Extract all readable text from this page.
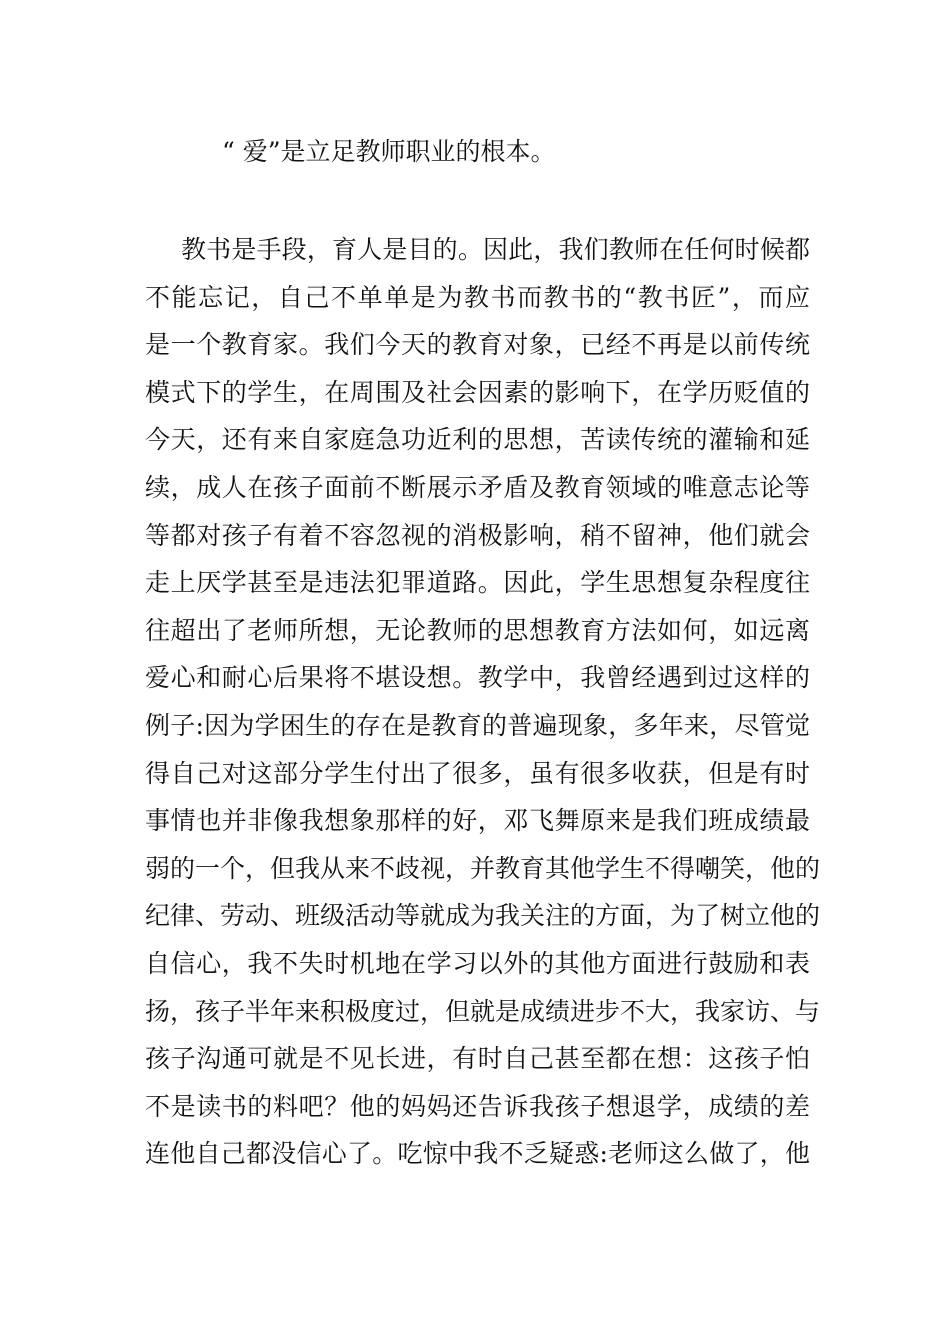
“ 爱”是立足教师职业的根本。
教书是手段，育人是目的。因此，我们教师在任何时候都
不能忘记，自己不单单是为教书而教书的“教书匠”，而应
是一个教育家。我们今天的教育对象，已经不再是以前传统
模式下的学生，在周围及社会因素的影响下，在学历贬值的
今天，还有来自家庭急功近利的思想，苦读传统的灌输和延
续，成人在孩子面前不断展示矛盾及教育领域的唯意志论等
等都对孩子有着不容忽视的消极影响，稍不留神，他们就会
走上厌学甚至是违法犯罪道路。因此，学生思想复杂程度往
往超出了老师所想，无论教师的思想教育方法如何，如远离
爱心和耐心后果将不堪设想。教学中，我曾经遇到过这样的
例子:因为学困生的存在是教育的普遍现象，多年来，尽管觉
得自己对这部分学生付出了很多，虽有很多收获，但是有时
事情也并非像我想象那样的好，邓飞舞原来是我们班成绩最
弱的一个，但我从来不歧视，并教育其他学生不得嘲笑，他的
纪律、劳动、班级活动等就成为我关注的方面，为了树立他的
自信心，我不失时机地在学习以外的其他方面进行鼓励和表
扬，孩子半年来积极度过，但就是成绩进步不大，我家访、与
孩子沟通可就是不见长进，有时自己甚至都在想：这孩子怕
不是读书的料吧？他的妈妈还告诉我孩子想退学，成绩的差
连他自己都没信心了。吃惊中我不乏疑惑:老师这么做了，他
